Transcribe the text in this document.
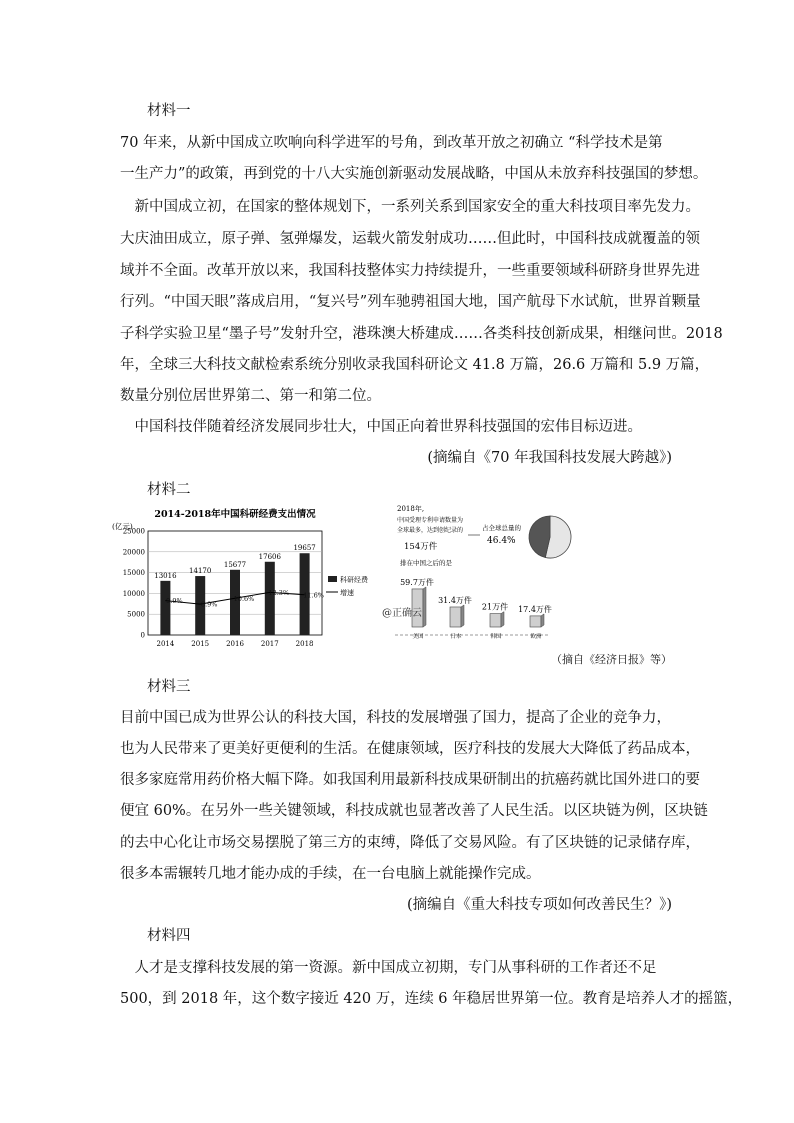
材料一
70 年来，从新中国成立吹响向科学进军的号角，到改革开放之初确立 “科学技术是第
一生产力”的政策，再到党的十八大实施创新驱动发展战略，中国从未放弃科技强国的梦想。
　新中国成立初，在国家的整体规划下，一系列关系到国家安全的重大科技项目率先发力。
大庆油田成立，原子弹、氢弹爆发，运载火箭发射成功……但此时，中国科技成就覆盖的领
域并不全面。改革开放以来，我国科技整体实力持续提升，一些重要领域科研跻身世界先进
行列。“中国天眼”落成启用，“复兴号”列车驰骋祖国大地，国产航母下水试航，世界首颗量
子科学实验卫星“墨子号”发射升空，港珠澳大桥建成……各类科技创新成果，相继问世。2018
年，全球三大科技文献检索系统分别收录我国科研论文 41.8 万篇，26.6 万篇和 5.9 万篇，
数量分别位居世界第二、第一和第二位。
　中国科技伴随着经济发展同步壮大，中国正向着世界科技强国的宏伟目标迈进。
(摘编自《70 年我国科技发展大跨越》)
材料二
2014-2018年中国科研经费支出情况
(亿元)
0
5000
10000
15000
20000
25000
13016
14170
15677
17606
19657
9.9%	8.9%
10.6%
12.3% 11.6%
2014 2015 2016 2017 2018
科研经费
增速
2018年,
中国受理专利申请数量为
全球最多，达到创纪录的
154万件
占全球总量的
46.4%
排在中国之后的是
59.7万件
31.4万件
21万件 17.4万件
美国	日本	韩国	欧洲
@正确云
（摘自《经济日报》等）
材料三
目前中国已成为世界公认的科技大国，科技的发展增强了国力，提高了企业的竞争力，
也为人民带来了更美好更便利的生活。在健康领域，医疗科技的发展大大降低了药品成本，
很多家庭常用药价格大幅下降。如我国利用最新科技成果研制出的抗癌药就比国外进口的要
便宜 60%。在另外一些关键领域，科技成就也显著改善了人民生活。以区块链为例，区块链
的去中心化让市场交易摆脱了第三方的束缚，降低了交易风险。有了区块链的记录储存库，
很多本需辗转几地才能办成的手续，在一台电脑上就能操作完成。
(摘编自《重大科技专项如何改善民生？》)
材料四
　人才是支撑科技发展的第一资源。新中国成立初期，专门从事科研的工作者还不足
500，到 2018 年，这个数字接近 420 万，连续 6 年稳居世界第一位。教育是培养人才的摇篮，
